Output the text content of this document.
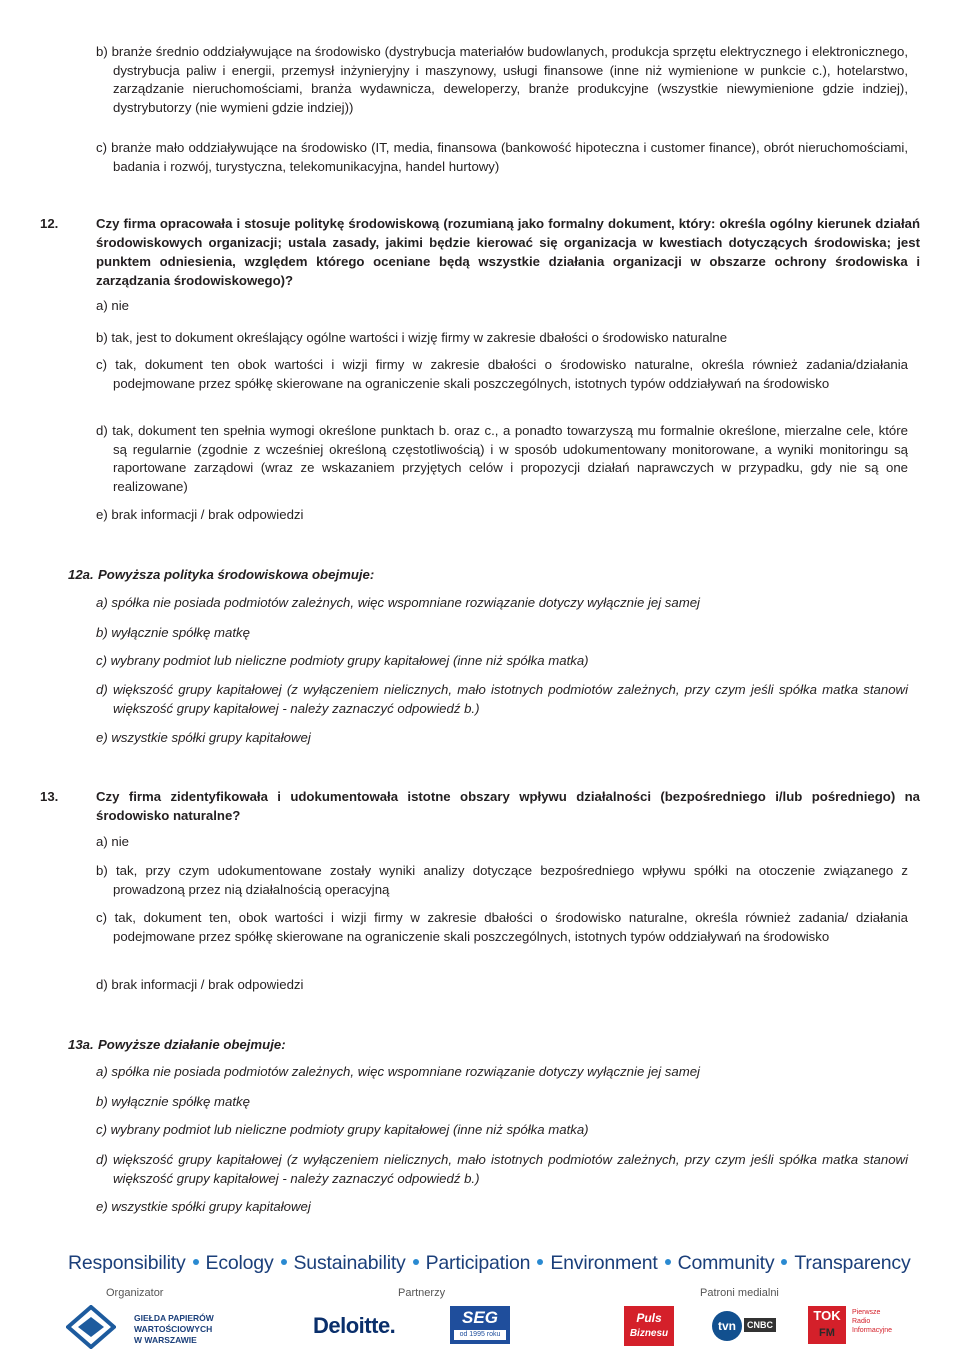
b) branże średnio oddziaływujące na środowisko (dystrybucja materiałów budowlanych, produkcja sprzętu elektrycznego i elektronicznego, dystrybucja paliw i energii, przemysł inżynieryjny i maszynowy, usługi finansowe (inne niż wymienione w punkcie c.), hotelarstwo, zarządzanie nieruchomościami, branża wydawnicza, deweloperzy, branże produkcyjne (wszystkie niewymienione gdzie indziej), dystrybutorzy (nie wymieni gdzie indziej))
c) branże mało oddziaływujące na środowisko (IT, media, finansowa (bankowość hipoteczna i customer finance), obrót nieruchomościami, badania i rozwój, turystyczna, telekomunikacyjna, handel hurtowy)
12.	Czy firma opracowała i stosuje politykę środowiskową (rozumianą jako formalny dokument, który: określa ogólny kierunek działań środowiskowych organizacji; ustala zasady, jakimi będzie kierować się organizacja w kwestiach dotyczących środowiska; jest punktem odniesienia, względem którego oceniane będą wszystkie działania organizacji w obszarze ochrony środowiska i zarządzania środowiskowego)?
a) nie
b) tak, jest to dokument określający ogólne wartości i wizję firmy w zakresie dbałości o środowisko naturalne
c) tak, dokument ten obok wartości i wizji firmy w zakresie dbałości o środowisko naturalne, określa również zadania/działania podejmowane przez spółkę skierowane na ograniczenie skali poszczególnych, istotnych typów oddziaływań na środowisko
d) tak, dokument ten spełnia wymogi określone punktach b. oraz c., a ponadto towarzyszą mu formalnie określone, mierzalne cele, które są regularnie (zgodnie z wcześniej określoną częstotliwością) i w sposób udokumentowany monitorowane, a wyniki monitoringu są raportowane zarządowi (wraz ze wskazaniem przyjętych celów i propozycji działań naprawczych w przypadku, gdy nie są one realizowane)
e) brak informacji / brak odpowiedzi
12a. Powyższa polityka środowiskowa obejmuje:
a) spółka nie posiada podmiotów zależnych, więc wspomniane rozwiązanie dotyczy wyłącznie jej samej
b) wyłącznie spółkę matkę
c) wybrany podmiot lub nieliczne podmioty grupy kapitałowej (inne niż spółka matka)
d) większość grupy kapitałowej (z wyłączeniem nielicznych, mało istotnych podmiotów zależnych, przy czym jeśli spółka matka stanowi większość grupy kapitałowej - należy zaznaczyć odpowiedź b.)
e) wszystkie spółki grupy kapitałowej
13.	Czy firma zidentyfikowała i udokumentowała istotne obszary wpływu działalności (bezpośredniego i/lub pośredniego) na środowisko naturalne?
a) nie
b) tak, przy czym udokumentowane zostały wyniki analizy dotyczące bezpośredniego wpływu spółki na otoczenie związanego z prowadzoną przez nią działalnością operacyjną
c) tak, dokument ten, obok wartości i wizji firmy w zakresie dbałości o środowisko naturalne, określa również zadania/ działania podejmowane przez spółkę skierowane na ograniczenie skali poszczególnych, istotnych typów oddziaływań na środowisko
d) brak informacji / brak odpowiedzi
13a. Powyższe działanie obejmuje:
a) spółka nie posiada podmiotów zależnych, więc wspomniane rozwiązanie dotyczy wyłącznie jej samej
b) wyłącznie spółkę matkę
c) wybrany podmiot lub nieliczne podmioty grupy kapitałowej (inne niż spółka matka)
d) większość grupy kapitałowej (z wyłączeniem nielicznych, mało istotnych podmiotów zależnych, przy czym jeśli spółka matka stanowi większość grupy kapitałowej - należy zaznaczyć odpowiedź b.)
e) wszystkie spółki grupy kapitałowej
Responsibility Ecology Sustainability Participation Environment Community Transparency
Organizator	Partnerzy	Patroni medialni
GIEŁDA PAPIERÓW
WARTOŚCIOWYCH
W WARSZAWIE
Deloitte.	SEG
od 1995 roku
Puls
Biznesu
tvn	CNBC
TOK
FM
Pierwsze
Radio
Informacyjne
